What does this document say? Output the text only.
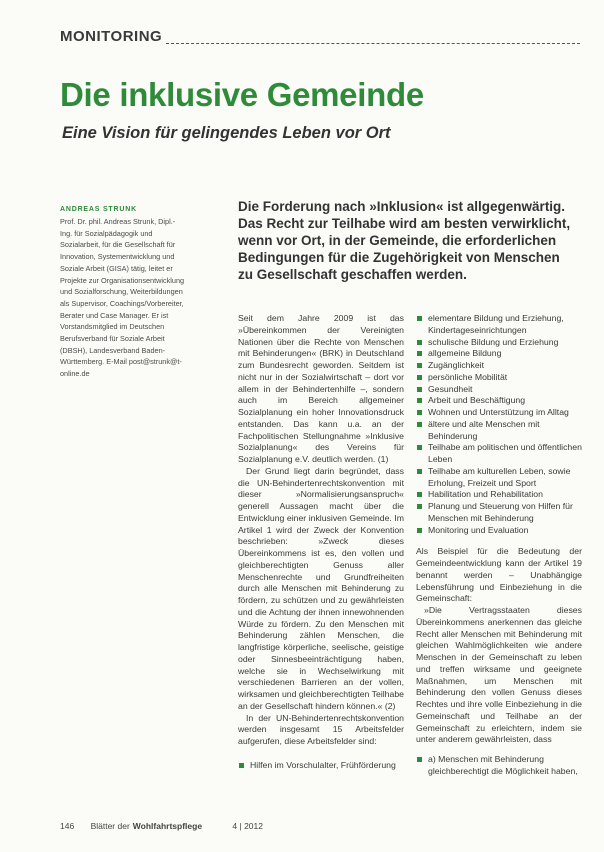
MONITORING
Die inklusive Gemeinde
Eine Vision für gelingendes Leben vor Ort
ANDREAS STRUNK
Prof. Dr. phil. Andreas Strunk, Dipl.-Ing. für Sozialpädagogik und Sozialarbeit, für die Gesellschaft für Innovation, Systementwicklung und Soziale Arbeit (GISA) tätig, leitet er Projekte zur Organisationsentwicklung und Sozialforschung, Weiterbildungen als Supervisor, Coachings/Vorbereiter, Berater und Case Manager. Er ist Vorstandsmitglied im Deutschen Berufsverband für Soziale Arbeit (DBSH), Landesverband Baden-Württemberg. E-Mail post@strunk@t-online.de
Die Forderung nach »Inklusion« ist allgegenwärtig. Das Recht zur Teilhabe wird am besten verwirklicht, wenn vor Ort, in der Gemeinde, die erforderlichen Bedingungen für die Zugehörigkeit von Menschen zu Gesellschaft geschaffen werden.

Seit dem Jahre 2009 ist das »Übereinkommen der Vereinigten Nationen über die Rechte von Menschen mit Behinderungen« (BRK) in Deutschland zum Bundesrecht geworden. Seitdem ist nicht nur in der Sozialwirtschaft – dort vor allem in der Behindertenhilfe –, sondern auch im Bereich allgemeiner Sozialplanung ein hoher Innovationsdruck entstanden. Das kann u.a. an der Fachpolitischen Stellungnahme »Inklusive Sozialplanung« des Vereins für Sozialplanung e.V. deutlich werden. (1)

Der Grund liegt darin begründet, dass die UN-Behindertenrechtskonvention mit dieser »Normalisierungsanspruch« generell Aussagen macht über die Entwicklung einer inklusiven Gemeinde. Im Artikel 1 wird der Zweck der Konvention beschrieben: »Zweck dieses Übereinkommens ist es, den vollen und gleichberechtigten Genuss aller Menschenrechte und Grundfreiheiten durch alle Menschen mit Behinderung zu fördern, zu schützen und zu gewährleisten und die Achtung der ihnen innewohnenden Würde zu fördern. Zu den Menschen mit Behinderung zählen Menschen, die langfristige körperliche, seelische, geistige oder Sinnesbeeinträchtigung haben, welche sie in Wechselwirkung mit verschiedenen Barrieren an der vollen, wirksamen und gleichberechtigten Teilhabe an der Gesellschaft hindern können.« (2)

In der UN-Behindertenrechtskonvention werden insgesamt 15 Arbeitsfelder aufgerufen, diese Arbeitsfelder sind:

Hilfen im Vorschulalter, Frühförderung
elementare Bildung und Erziehung, Kindertageseinrichtungen
schulische Bildung und Erziehung
allgemeine Bildung
Zugänglichkeit
persönliche Mobilität
Gesundheit
Arbeit und Beschäftigung
Wohnen und Unterstützung im Alltag
ältere und alte Menschen mit Behinderung
Teilhabe am politischen und öffentlichen Leben
Teilhabe am kulturellen Leben, sowie Erholung, Freizeit und Sport
Habilitation und Rehabilitation
Planung und Steuerung von Hilfen für Menschen mit Behinderung
Monitoring und Evaluation

Als Beispiel für die Bedeutung der Gemeindeentwicklung kann der Artikel 19 benannt werden – Unabhängige Lebensführung und Einbeziehung in die Gemeinschaft:

»Die Vertragsstaaten dieses Übereinkommens anerkennen das gleiche Recht aller Menschen mit Behinderung mit gleichen Wahlmöglichkeiten wie andere Menschen in der Gemeinschaft zu leben und treffen wirksame und geeignete Maßnahmen, um Menschen mit Behinderung den vollen Genuss dieses Rechtes und ihre volle Einbeziehung in die Gemeinschaft und Teilhabe an der Gemeinschaft zu erleichtern, indem sie unter anderem gewährleisten, dass

a) Menschen mit Behinderung gleichberechtigt die Möglichkeit haben,
146 Blätter der Wohlfahrtspflege	4 | 2012
